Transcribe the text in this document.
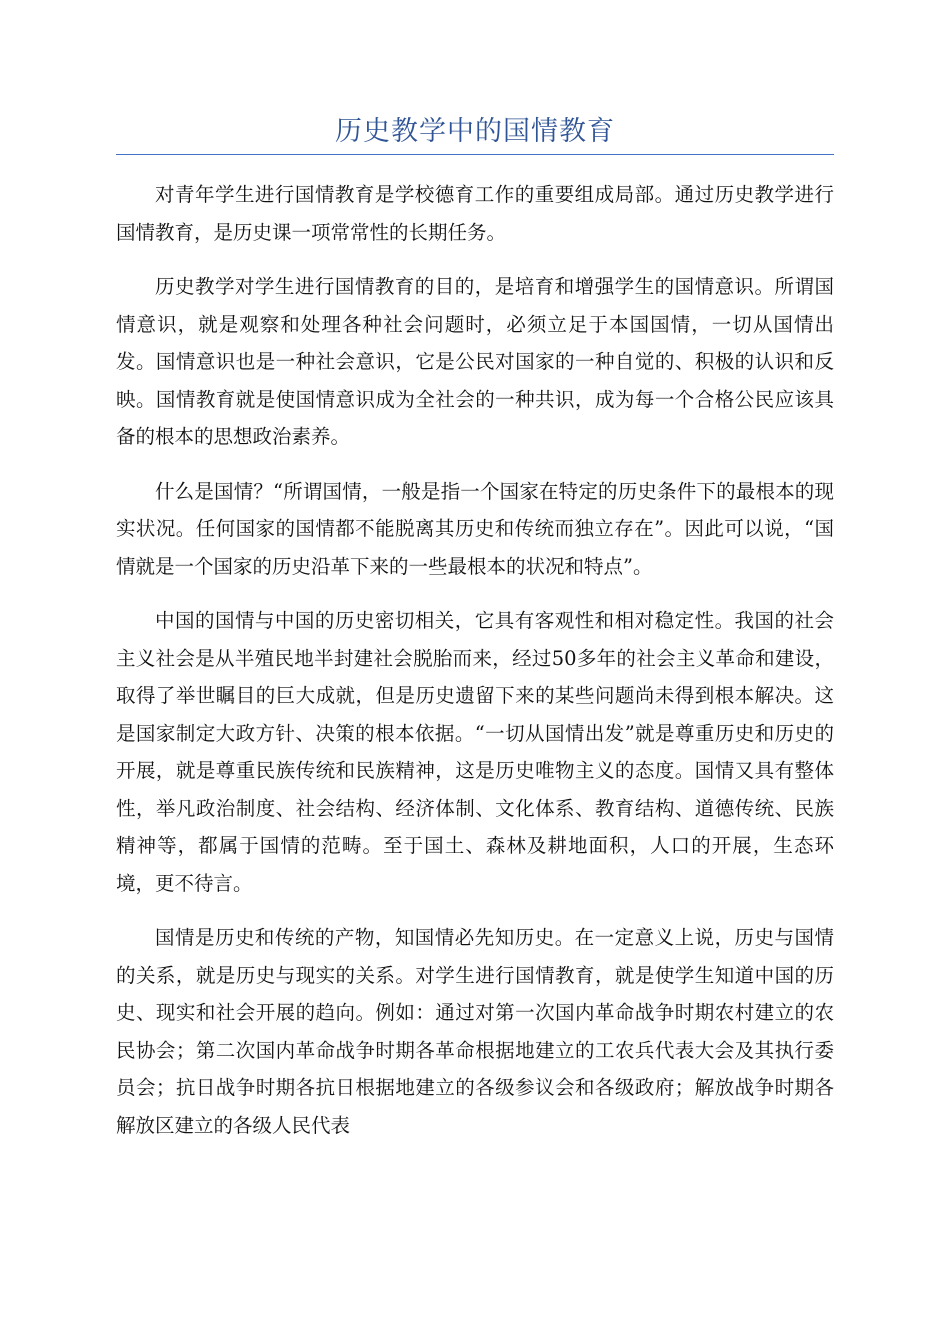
历史教学中的国情教育

对青年学生进行国情教育是学校德育工作的重要组成局部。通过历史教学进行国情教育，是历史课一项常常性的长期任务。

历史教学对学生进行国情教育的目的，是培育和增强学生的国情意识。所谓国情意识，就是观察和处理各种社会问题时，必须立足于本国国情，一切从国情出发。国情意识也是一种社会意识，它是公民对国家的一种自觉的、积极的认识和反映。国情教育就是使国情意识成为全社会的一种共识，成为每一个合格公民应该具备的根本的思想政治素养。

什么是国情？“所谓国情，一般是指一个国家在特定的历史条件下的最根本的现实状况。任何国家的国情都不能脱离其历史和传统而独立存在”。因此可以说，“国情就是一个国家的历史沿革下来的一些最根本的状况和特点”。

中国的国情与中国的历史密切相关，它具有客观性和相对稳定性。我国的社会主义社会是从半殖民地半封建社会脱胎而来，经过50多年的社会主义革命和建设，取得了举世瞩目的巨大成就，但是历史遗留下来的某些问题尚未得到根本解决。这是国家制定大政方针、决策的根本依据。“一切从国情出发”就是尊重历史和历史的开展，就是尊重民族传统和民族精神，这是历史唯物主义的态度。国情又具有整体性，举凡政治制度、社会结构、经济体制、文化体系、教育结构、道德传统、民族精神等，都属于国情的范畴。至于国土、森林及耕地面积，人口的开展，生态环境，更不待言。

国情是历史和传统的产物，知国情必先知历史。在一定意义上说，历史与国情的关系，就是历史与现实的关系。对学生进行国情教育，就是使学生知道中国的历史、现实和社会开展的趋向。例如：通过对第一次国内革命战争时期农村建立的农民协会；第二次国内革命战争时期各革命根据地建立的工农兵代表大会及其执行委员会；抗日战争时期各抗日根据地建立的各级参议会和各级政府；解放战争时期各解放区建立的各级人民代表
